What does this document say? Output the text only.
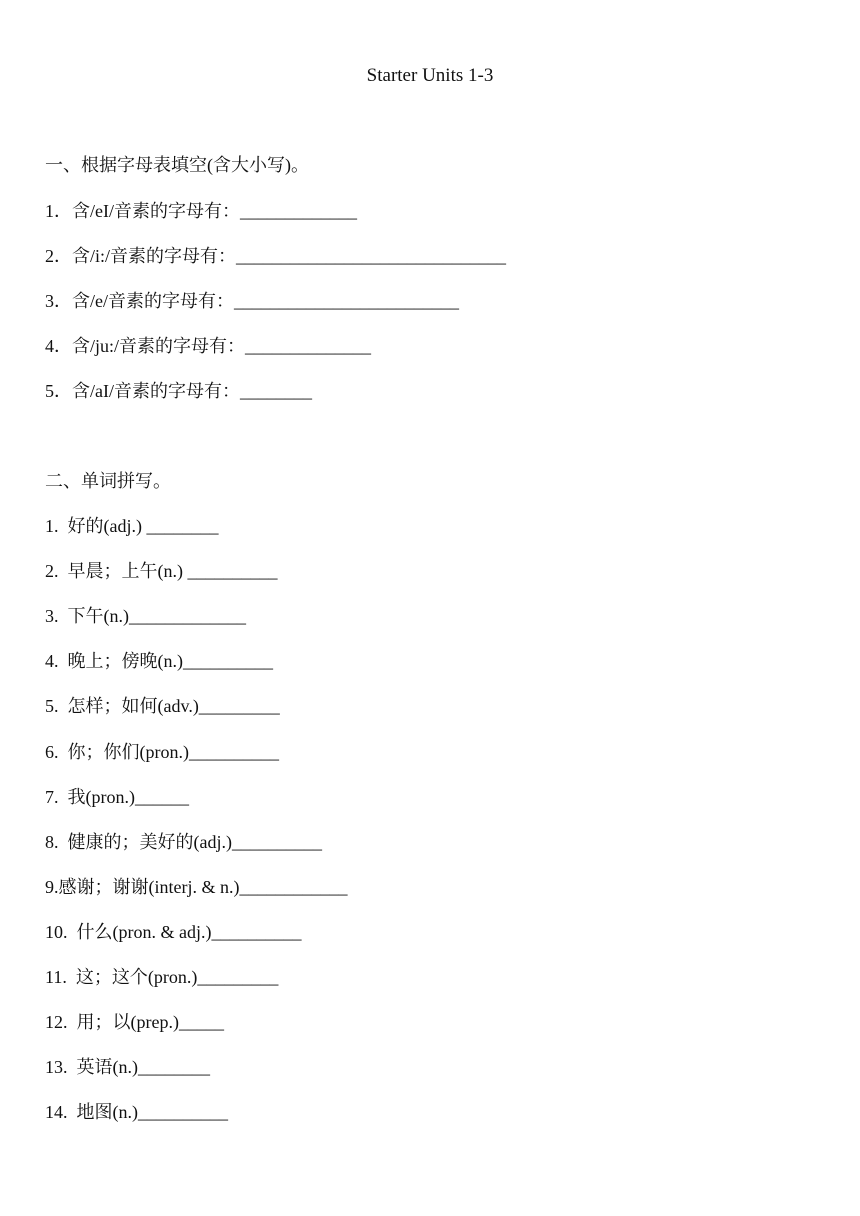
Starter Units 1-3
一、根据字母表填空(含大小写)。
1．含/eI/音素的字母有：_____________
2．含/i:/音素的字母有：______________________________
3．含/e/音素的字母有：_________________________
4．含/ju:/音素的字母有：______________
5．含/aI/音素的字母有：________
二、单词拼写。
1.  好的(adj.) ________
2.  早晨；上午(n.) __________
3.  下午(n.)_____________
4.  晚上；傍晚(n.)__________
5.  怎样；如何(adv.)_________
6.  你；你们(pron.)__________
7.  我(pron.)______
8.  健康的；美好的(adj.)__________
9.感谢；谢谢(interj. & n.)____________
10.  什么(pron. & adj.)__________
11.  这；这个(pron.)_________
12.  用；以(prep.)_____
13.  英语(n.)________
14.  地图(n.)__________
